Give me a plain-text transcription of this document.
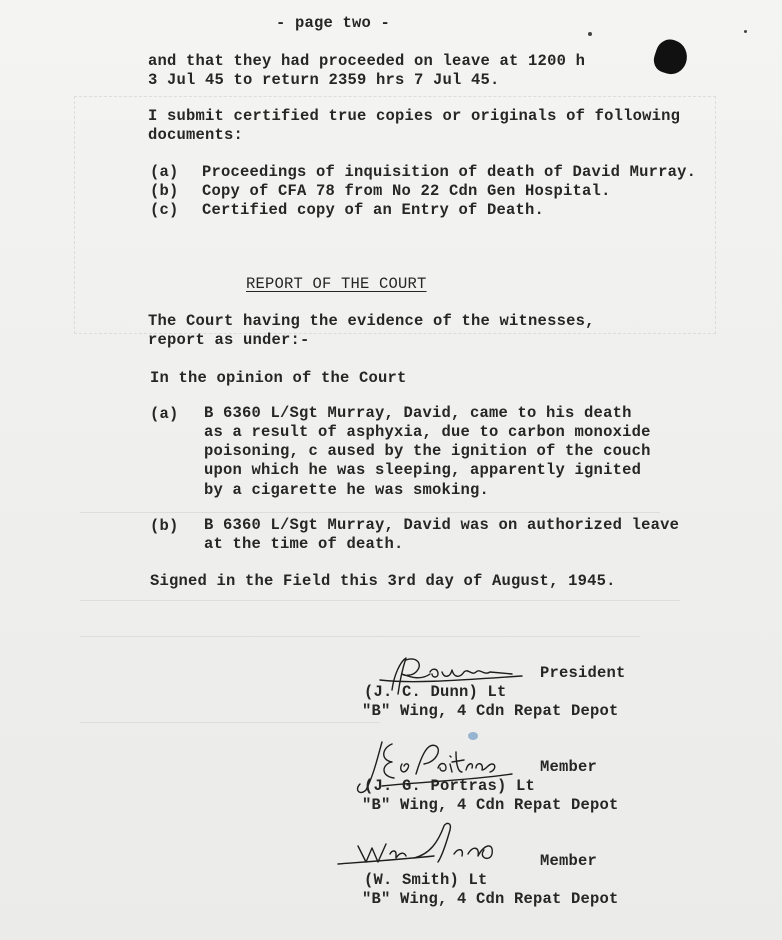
- page two -
and that they had proceeded on leave at 1200 h
3 Jul 45 to return 2359 hrs 7 Jul 45.
I submit certified true copies or originals of following
documents:
(a) Proceedings of inquisition of death of David Murray.
(b) Copy of CFA 78 from No 22 Cdn Gen Hospital.
(c) Certified copy of an Entry of Death.
REPORT OF THE COURT
The Court having the evidence of the witnesses,
report as under:-
In the opinion of the Court
(a) B 6360 L/Sgt Murray, David, came to his death
as a result of asphyxia, due to carbon monoxide
poisoning, c aused by the ignition of the couch
upon which he was sleeping, apparently ignited
by a cigarette he was smoking.
(b) B 6360 L/Sgt Murray, David was on authorized leave
at the time of death.
Signed in the Field this 3rd day of August, 1945.
President
(J. C. Dunn) Lt
"B" Wing, 4 Cdn Repat Depot
Member
(J. G. Portras) Lt
"B" Wing, 4 Cdn Repat Depot
Member
(W. Smith) Lt
"B" Wing, 4 Cdn Repat Depot
